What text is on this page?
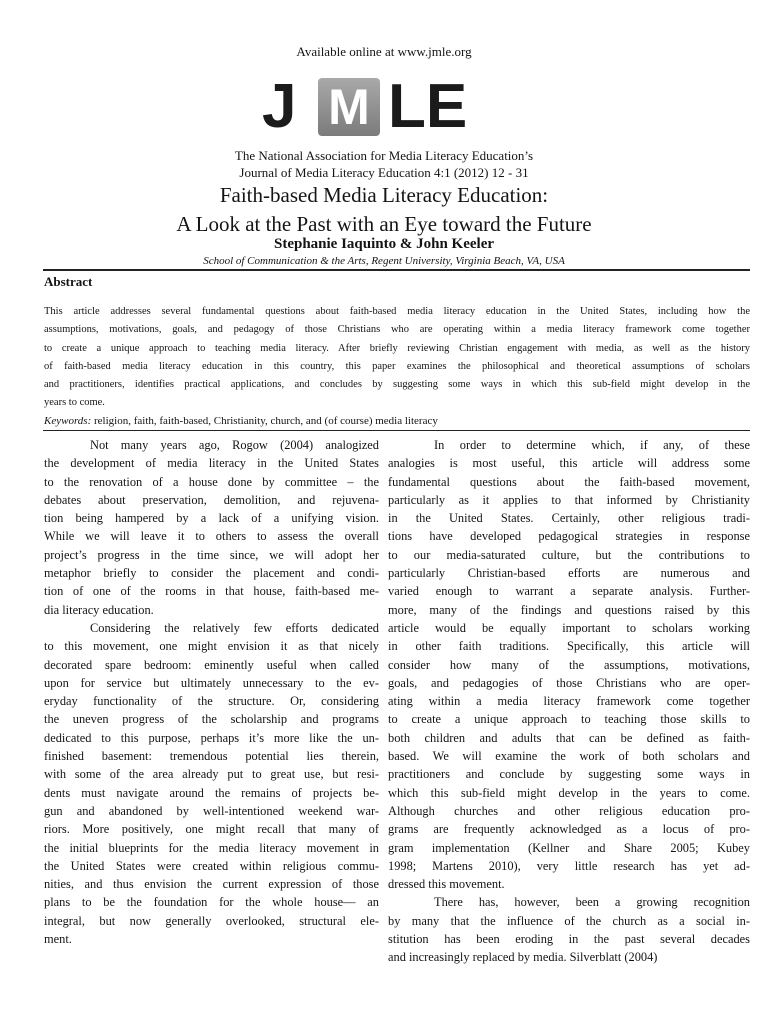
Available online at www.jmle.org
J M LE
The National Association for Media Literacy Education’s
Journal of Media Literacy Education 4:1 (2012) 12 - 31
Faith-based Media Literacy Education:
A Look at the Past with an Eye toward the Future
Stephanie Iaquinto & John Keeler
School of Communication & the Arts, Regent University, Virginia Beach, VA, USA
Abstract
This article addresses several fundamental questions about faith-based media literacy education in the United States, including how the
assumptions, motivations, goals, and pedagogy of those Christians who are operating within a media literacy framework come together
to create a unique approach to teaching media literacy. After briefly reviewing Christian engagement with media, as well as the history
of faith-based media literacy education in this country, this paper examines the philosophical and theoretical assumptions of scholars
and practitioners, identifies practical applications, and concludes by suggesting some ways in which this sub-field might develop in the
years to come.
Keywords: religion, faith, faith-based, Christianity, church, and (of course) media literacy
Not many years ago, Rogow (2004) analogized
the development of media literacy in the United States
to the renovation of a house done by committee – the
debates about preservation, demolition, and rejuvena-
tion being hampered by a lack of a unifying vision.
While we will leave it to others to assess the overall
project’s progress in the time since, we will adopt her
metaphor briefly to consider the placement and condi-
tion of one of the rooms in that house, faith-based me-
dia literacy education.
Considering the relatively few efforts dedicated
to this movement, one might envision it as that nicely
decorated spare bedroom: eminently useful when called
upon for service but ultimately unnecessary to the ev-
eryday functionality of the structure. Or, considering
the uneven progress of the scholarship and programs
dedicated to this purpose, perhaps it’s more like the un-
finished basement: tremendous potential lies therein,
with some of the area already put to great use, but resi-
dents must navigate around the remains of projects be-
gun and abandoned by well-intentioned weekend war-
riors. More positively, one might recall that many of
the initial blueprints for the media literacy movement in
the United States were created within religious commu-
nities, and thus envision the current expression of those
plans to be the foundation for the whole house— an
integral, but now generally overlooked, structural ele-
ment.
In order to determine which, if any, of these
analogies is most useful, this article will address some
fundamental questions about the faith-based movement,
particularly as it applies to that informed by Christianity
in the United States. Certainly, other religious tradi-
tions have developed pedagogical strategies in response
to our media-saturated culture, but the contributions to
particularly Christian-based efforts are numerous and
varied enough to warrant a separate analysis. Further-
more, many of the findings and questions raised by this
article would be equally important to scholars working
in other faith traditions. Specifically, this article will
consider how many of the assumptions, motivations,
goals, and pedagogies of those Christians who are oper-
ating within a media literacy framework come together
to create a unique approach to teaching those skills to
both children and adults that can be defined as faith-
based. We will examine the work of both scholars and
practitioners and conclude by suggesting some ways in
which this sub-field might develop in the years to come.
Although churches and other religious education pro-
grams are frequently acknowledged as a locus of pro-
gram implementation (Kellner and Share 2005; Kubey
1998; Martens 2010), very little research has yet ad-
dressed this movement.
There has, however, been a growing recognition
by many that the influence of the church as a social in-
stitution has been eroding in the past several decades
and increasingly replaced by media. Silverblatt (2004)
